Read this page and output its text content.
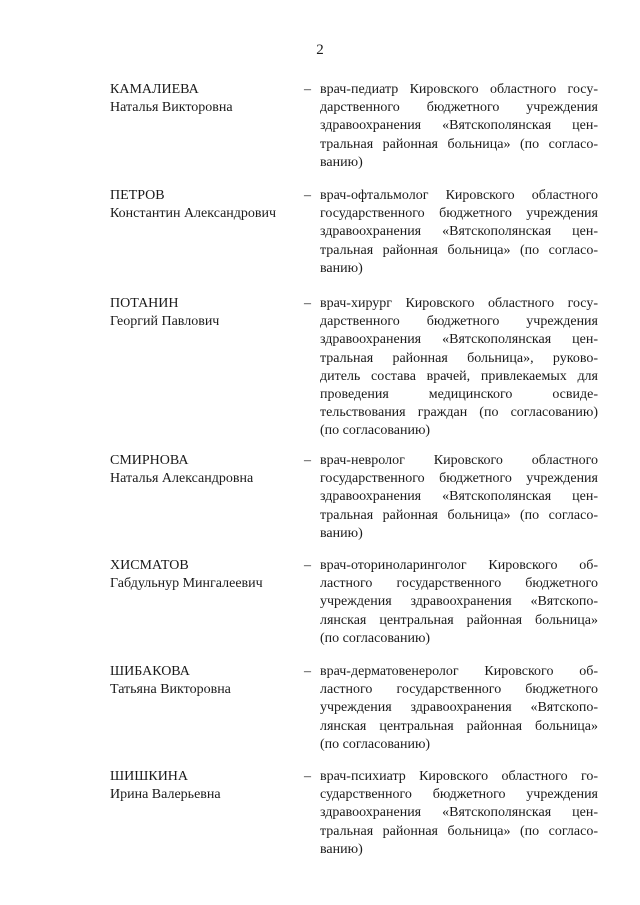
2
КАМАЛИЕВА
Наталья Викторовна
– врач-педиатр Кировского областного госу-
дарственного бюджетного учреждения
здравоохранения «Вятскополянская цен-
тральная районная больница» (по согласо-
ванию)
ПЕТРОВ
Константин Александрович
– врач-офтальмолог Кировского областного
государственного бюджетного учреждения
здравоохранения «Вятскополянская цен-
тральная районная больница» (по согласо-
ванию)
ПОТАНИН
Георгий Павлович
– врач-хирург Кировского областного госу-
дарственного бюджетного учреждения
здравоохранения «Вятскополянская цен-
тральная районная больница», руково-
дитель состава врачей, привлекаемых для
проведения медицинского освиде-
тельствования граждан (по согласованию)
(по согласованию)
СМИРНОВА
Наталья Александровна
– врач-невролог Кировского областного
государственного бюджетного учреждения
здравоохранения «Вятскополянская цен-
тральная районная больница» (по согласо-
ванию)
ХИСМАТОВ
Габдульнур Мингалеевич
– врач-оториноларинголог Кировского об-
ластного государственного бюджетного
учреждения здравоохранения «Вятскопо-
лянская центральная районная больница»
(по согласованию)
ШИБАКОВА
Татьяна Викторовна
– врач-дерматовенеролог Кировского об-
ластного государственного бюджетного
учреждения здравоохранения «Вятскопо-
лянская центральная районная больница»
(по согласованию)
ШИШКИНА
Ирина Валерьевна
– врач-психиатр Кировского областного го-
сударственного бюджетного учреждения
здравоохранения «Вятскополянская цен-
тральная районная больница» (по согласо-
ванию)
